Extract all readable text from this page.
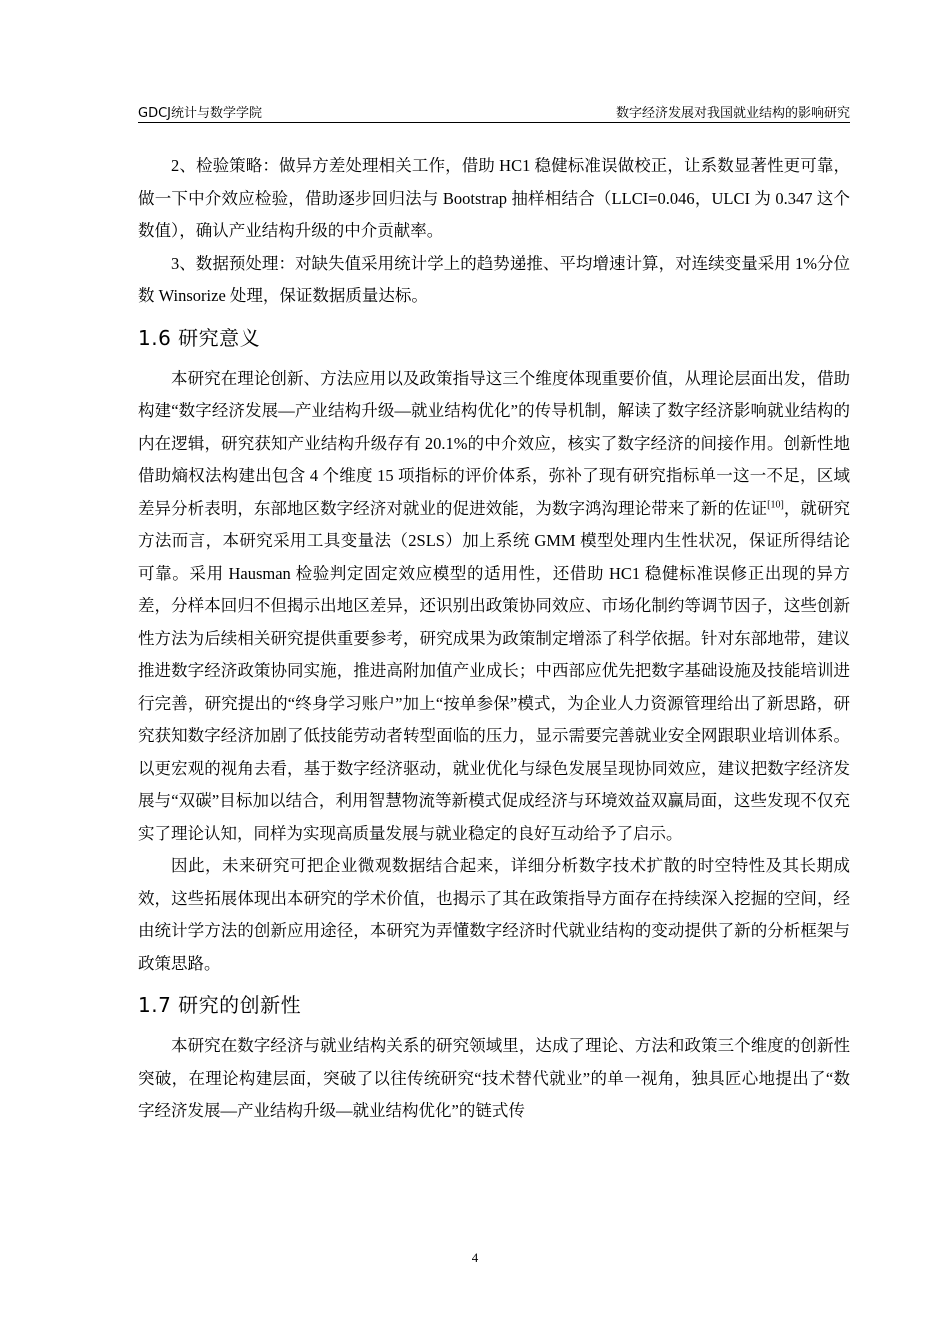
GDCJ统计与数学学院	数字经济发展对我国就业结构的影响研究

2、检验策略：做异方差处理相关工作，借助 HC1 稳健标准误做校正，让系数显著性更可靠，做一下中介效应检验，借助逐步回归法与 Bootstrap 抽样相结合（LLCI=0.046，ULCI 为 0.347 这个数值），确认产业结构升级的中介贡献率。

3、数据预处理：对缺失值采用统计学上的趋势递推、平均增速计算，对连续变量采用 1%分位数 Winsorize 处理，保证数据质量达标。

1.6 研究意义

本研究在理论创新、方法应用以及政策指导这三个维度体现重要价值，从理论层面出发，借助构建“数字经济发展—产业结构升级—就业结构优化”的传导机制，解读了数字经济影响就业结构的内在逻辑，研究获知产业结构升级存有 20.1%的中介效应，核实了数字经济的间接作用。创新性地借助熵权法构建出包含 4 个维度 15 项指标的评价体系，弥补了现有研究指标单一这一不足，区域差异分析表明，东部地区数字经济对就业的促进效能，为数字鸿沟理论带来了新的佐证[10]，就研究方法而言，本研究采用工具变量法（2SLS）加上系统 GMM 模型处理内生性状况，保证所得结论可靠。采用 Hausman 检验判定固定效应模型的适用性，还借助 HC1 稳健标准误修正出现的异方差，分样本回归不但揭示出地区差异，还识别出政策协同效应、市场化制约等调节因子，这些创新性方法为后续相关研究提供重要参考，研究成果为政策制定增添了科学依据。针对东部地带，建议推进数字经济政策协同实施，推进高附加值产业成长；中西部应优先把数字基础设施及技能培训进行完善，研究提出的“终身学习账户”加上“按单参保”模式，为企业人力资源管理给出了新思路，研究获知数字经济加剧了低技能劳动者转型面临的压力，显示需要完善就业安全网跟职业培训体系。以更宏观的视角去看，基于数字经济驱动，就业优化与绿色发展呈现协同效应，建议把数字经济发展与“双碳”目标加以结合，利用智慧物流等新模式促成经济与环境效益双赢局面，这些发现不仅充实了理论认知，同样为实现高质量发展与就业稳定的良好互动给予了启示。

因此，未来研究可把企业微观数据结合起来，详细分析数字技术扩散的时空特性及其长期成效，这些拓展体现出本研究的学术价值，也揭示了其在政策指导方面存在持续深入挖掘的空间，经由统计学方法的创新应用途径，本研究为弄懂数字经济时代就业结构的变动提供了新的分析框架与政策思路。

1.7 研究的创新性

本研究在数字经济与就业结构关系的研究领域里，达成了理论、方法和政策三个维度的创新性突破，在理论构建层面，突破了以往传统研究“技术替代就业”的单一视角，独具匠心地提出了“数字经济发展—产业结构升级—就业结构优化”的链式传

4
